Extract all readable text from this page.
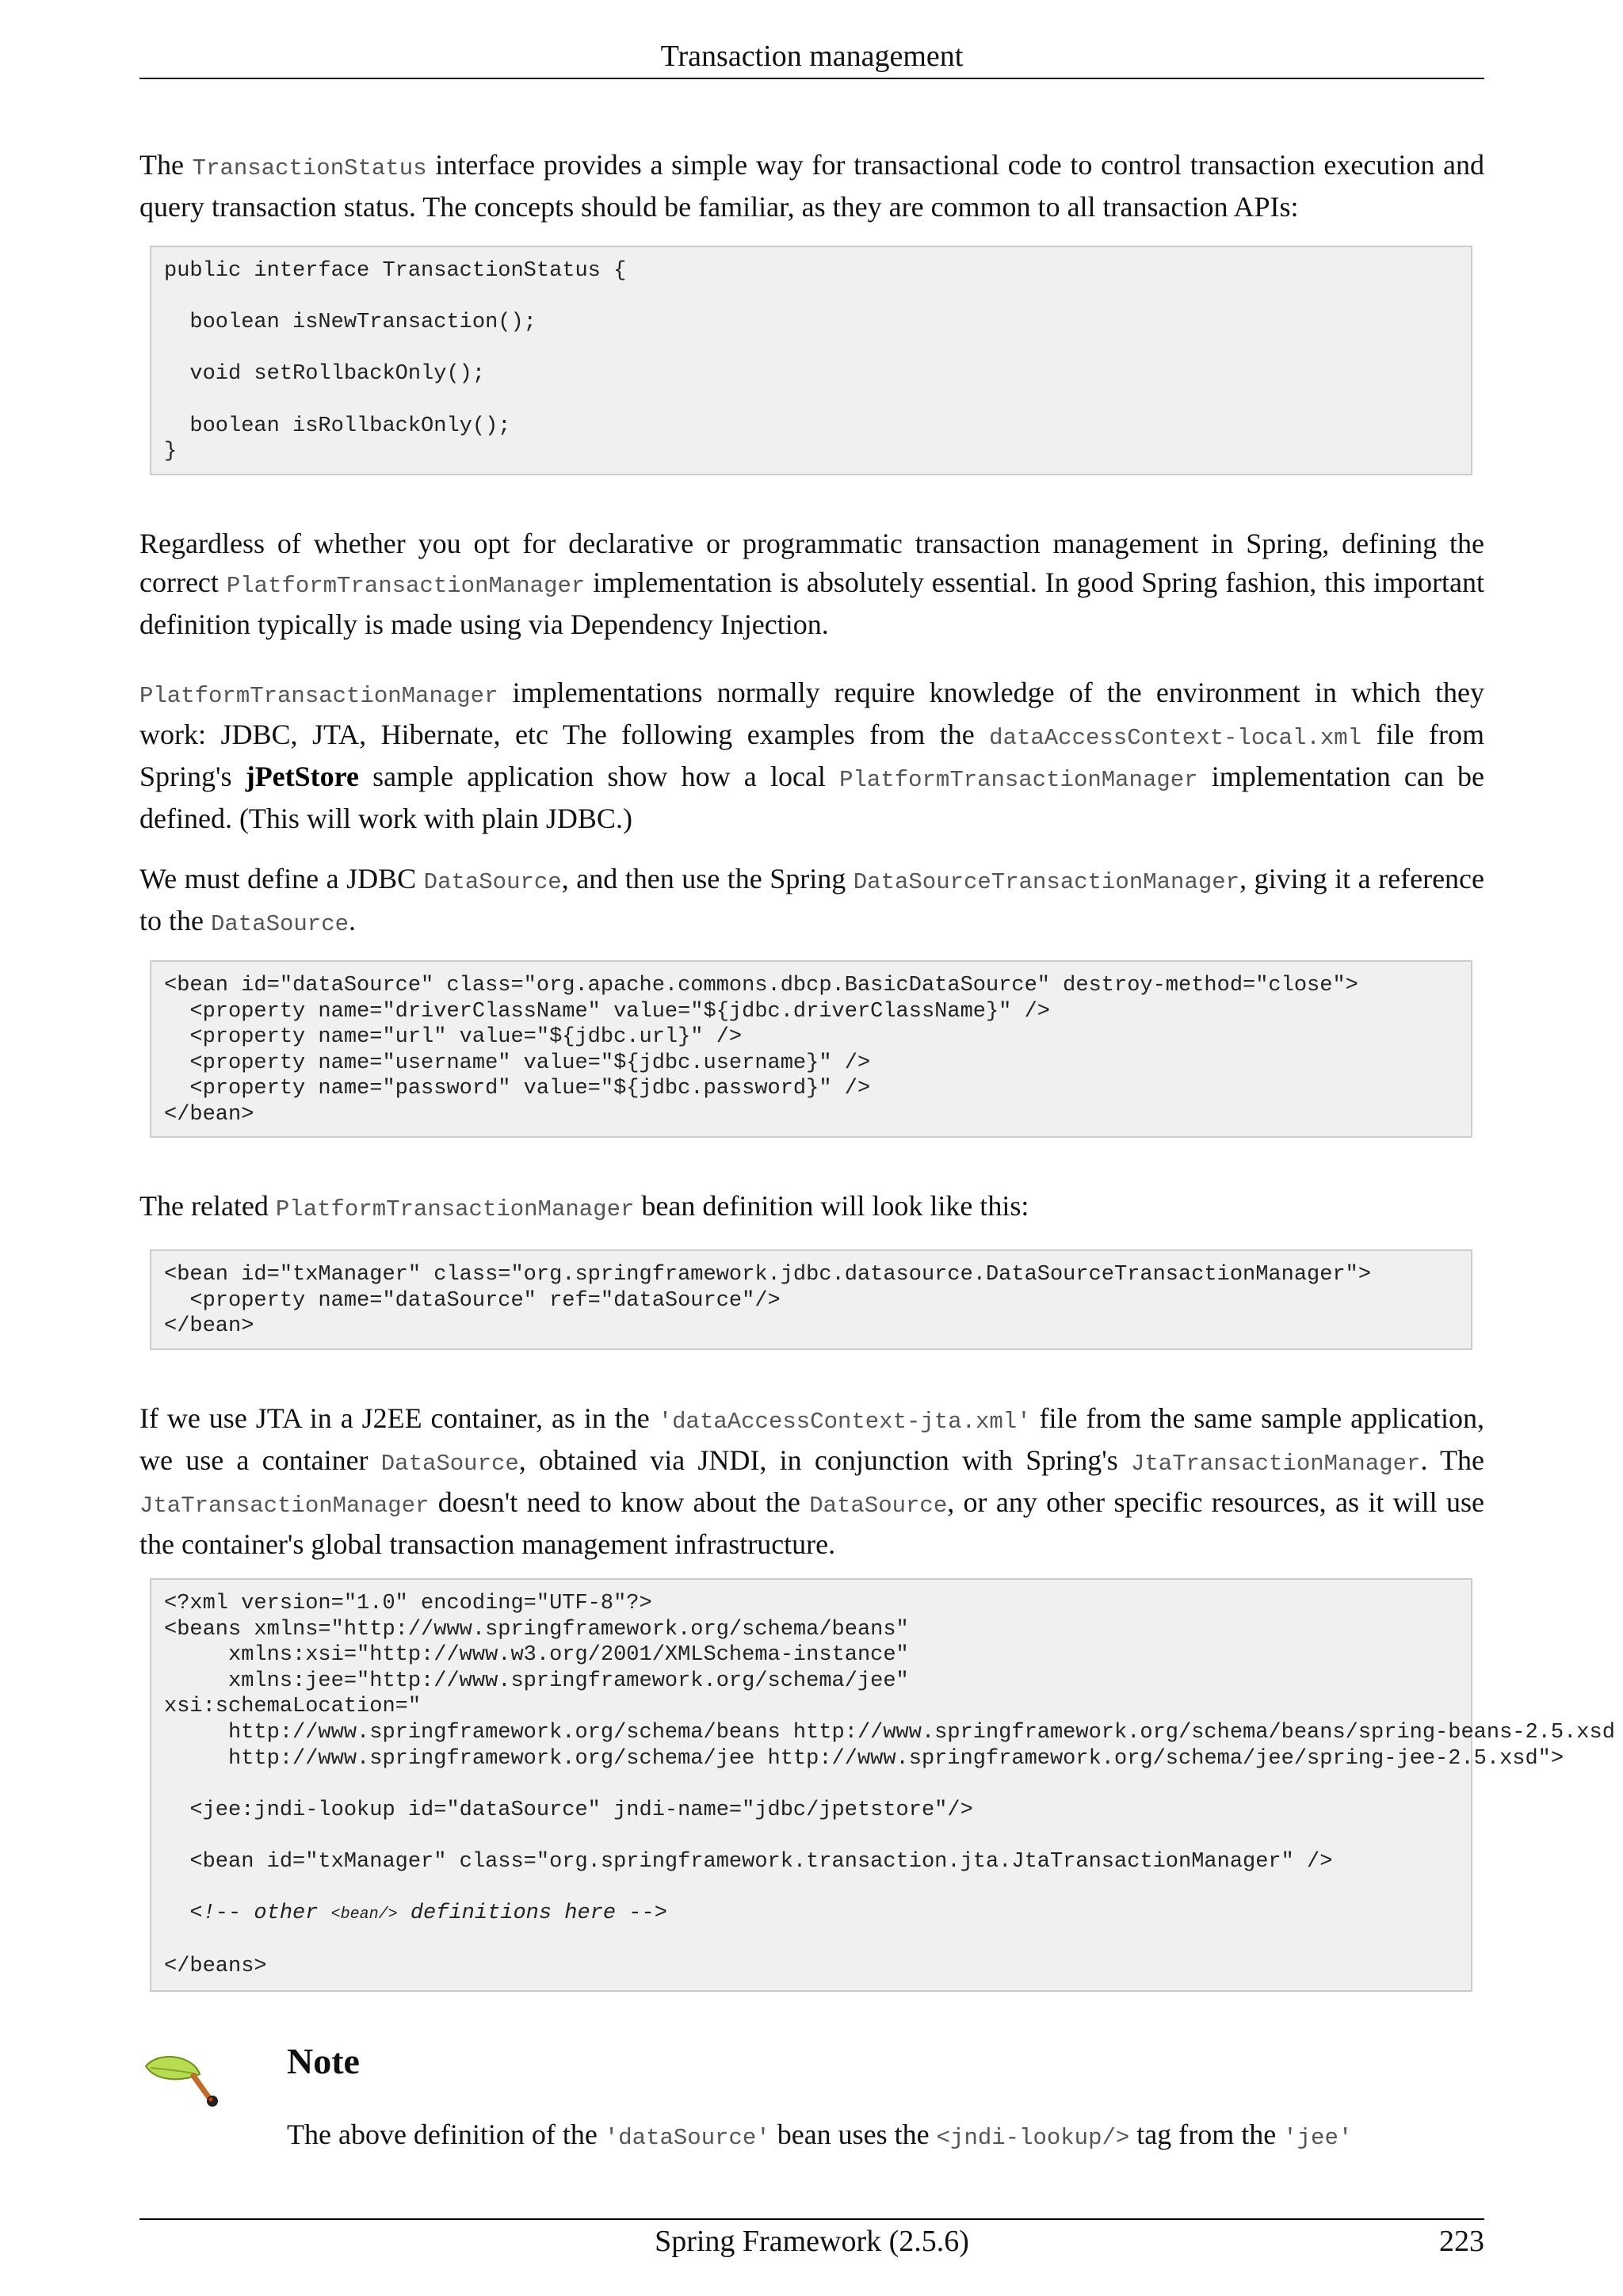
Transaction management

The TransactionStatus interface provides a simple way for transactional code to control transaction execution and query transaction status. The concepts should be familiar, as they are common to all transaction APIs:

public interface TransactionStatus {

boolean isNewTransaction();

void setRollbackOnly();

boolean isRollbackOnly();
}

Regardless of whether you opt for declarative or programmatic transaction management in Spring, defining the correct PlatformTransactionManager implementation is absolutely essential. In good Spring fashion, this important definition typically is made using via Dependency Injection.

PlatformTransactionManager implementations normally require knowledge of the environment in which they work: JDBC, JTA, Hibernate, etc The following examples from the dataAccessContext-local.xml file from Spring's jPetStore sample application show how a local PlatformTransactionManager implementation can be defined. (This will work with plain JDBC.)

We must define a JDBC DataSource, and then use the Spring DataSourceTransactionManager, giving it a reference to the DataSource.

<bean id="dataSource" class="org.apache.commons.dbcp.BasicDataSource" destroy-method="close">
<property name="driverClassName" value="${jdbc.driverClassName}" />
<property name="url" value="${jdbc.url}" />
<property name="username" value="${jdbc.username}" />
<property name="password" value="${jdbc.password}" />
</bean>

The related PlatformTransactionManager bean definition will look like this:

<bean id="txManager" class="org.springframework.jdbc.datasource.DataSourceTransactionManager">
<property name="dataSource" ref="dataSource"/>
</bean>

If we use JTA in a J2EE container, as in the 'dataAccessContext-jta.xml' file from the same sample application, we use a container DataSource, obtained via JNDI, in conjunction with Spring's JtaTransactionManager. The JtaTransactionManager doesn't need to know about the DataSource, or any other specific resources, as it will use the container's global transaction management infrastructure.

<?xml version="1.0" encoding="UTF-8"?>
<beans xmlns="http://www.springframework.org/schema/beans"
xmlns:xsi="http://www.w3.org/2001/XMLSchema-instance"
xmlns:jee="http://www.springframework.org/schema/jee"
xsi:schemaLocation="
http://www.springframework.org/schema/beans http://www.springframework.org/schema/beans/spring-beans-2.5.xsd
http://www.springframework.org/schema/jee http://www.springframework.org/schema/jee/spring-jee-2.5.xsd">

<jee:jndi-lookup id="dataSource" jndi-name="jdbc/jpetstore"/>

<bean id="txManager" class="org.springframework.transaction.jta.JtaTransactionManager" />

<!-- other <bean/> definitions here -->

</beans>
Note

The above definition of the 'dataSource' bean uses the <jndi-lookup/> tag from the 'jee'

Spring Framework (2.5.6)	223
